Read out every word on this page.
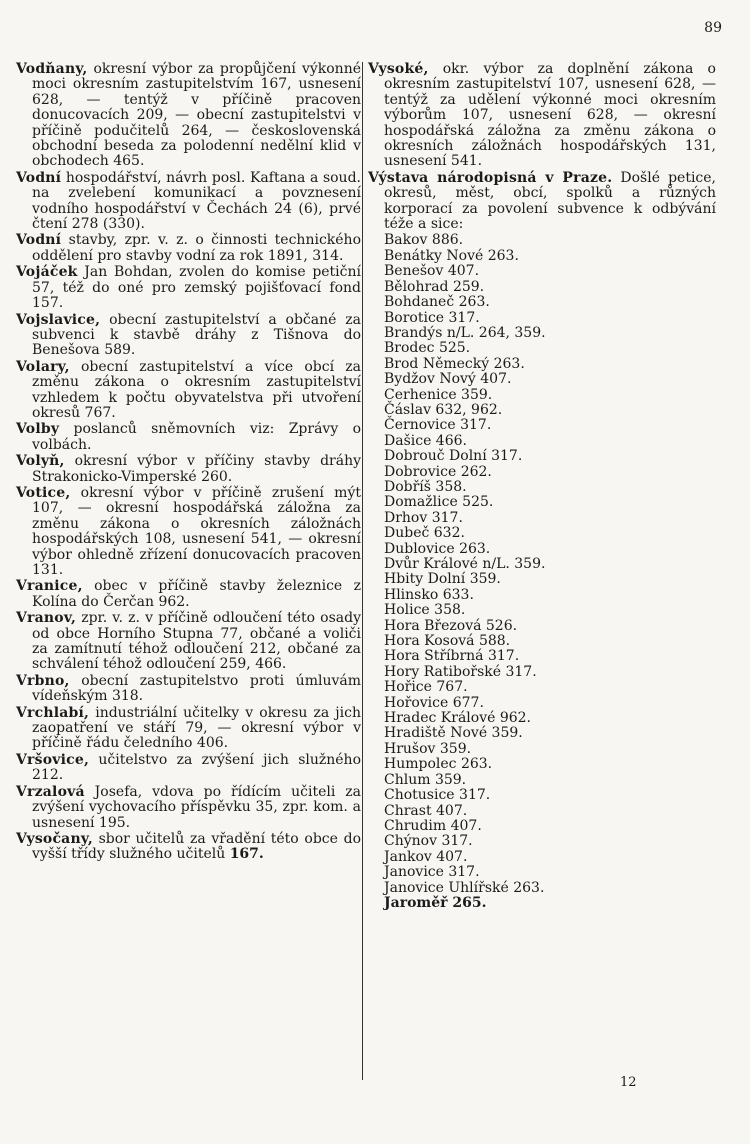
89

Vodňany, okresní výbor za propůjčení výkonné moci okresním zastupitelstvím 167, usnesení 628, — tentýž v příčině pracoven donucovacích 209, — obecní zastupitelstvi v příčině podučitelů 264, — československá obchodní beseda za polodenní nedělní klid v obchodech 465.

Vodní hospodářství, návrh posl. Kaftana a soud. na zvelebení komunikací a povznesení vodního hospodářství v Čechách 24 (6), prvé čtení 278 (330).

Vodní stavby, zpr. v. z. o činnosti technického oddělení pro stavby vodní za rok 1891, 314.

Vojáček Jan Bohdan, zvolen do komise petiční 57, též do oné pro zemský pojišťovací fond 157.

Vojslavice, obecní zastupitelství a občané za subvenci k stavbě dráhy z Tišnova do Benešova 589.

Volary, obecní zastupitelství a více obcí za změnu zákona o okresním zastupitelství vzhledem k počtu obyvatelstva při utvoření okresů 767.

Volby poslanců sněmovních viz: Zprávy o volbách.

Volyň, okresní výbor v příčiny stavby dráhy Strakonicko-Vimperské 260.

Votice, okresní výbor v příčině zrušení mýt 107, — okresní hospodářská záložna za změnu zákona o okresních záložnách hospodářských 108, usnesení 541, — okresní výbor ohledně zřízení donucovacích pracoven 131.

Vranice, obec v příčině stavby železnice z Kolína do Čerčan 962.

Vranov, zpr. v. z. v příčině odloučení této osady od obce Horního Stupna 77, občané a voliči za zamítnutí téhož odloučení 212, občané za schválení téhož odloučení 259, 466.

Vrbno, obecní zastupitelstvo proti úmluvám vídeňským 318.

Vrchlabí, industriální učitelky v okresu za jich zaopatření ve stáří 79, — okresní výbor v příčině řádu čeledního 406.

Vršovice, učitelstvo za zvýšení jich služného 212.

Vrzalová Josefa, vdova po řídícím učiteli za zvýšení vychovacího příspěvku 35, zpr. kom. a usnesení 195.

Vysočany, sbor učitelů za vřadění této obce do vyšší třídy služného učitelů 167.

Vysoké, okr. výbor za doplnění zákona o okresním zastupitelství 107, usnesení 628, — tentýž za udělení výkonné moci okresním výborům 107, usnesení 628, — okresní hospodářská záložna za změnu zákona o okresních záložnách hospodářských 131, usnesení 541.

Výstava národopisná v Praze. Došlé petice, okresů, měst, obcí, spolků a různých korporací za povolení subvence k odbývání téže a sice:

Bakov 886.
Benátky Nové 263.
Benešov 407.
Bělohrad 259.
Bohdaneč 263.
Borotice 317.
Brandýs n/L. 264, 359.
Brodec 525.
Brod Německý 263.
Bydžov Nový 407.
Cerhenice 359.
Čáslav 632, 962.
Černovice 317.
Dašice 466.
Dobrouč Dolní 317.
Dobrovice 262.
Dobříš 358.
Domažlice 525.
Drhov 317.
Dubeč 632.
Dublovice 263.
Dvůr Králové n/L. 359.
Hbity Dolní 359.
Hlinsko 633.
Holice 358.
Hora Březová 526.
Hora Kosová 588.
Hora Stříbrná 317.
Hory Ratibořské 317.
Hořice 767.
Hořovice 677.
Hradec Králové 962.
Hradiště Nové 359.
Hrušov 359.
Humpolec 263.
Chlum 359.
Chotusice 317.
Chrast 407.
Chrudim 407.
Chýnov 317.
Jankov 407.
Janovice 317.
Janovice Uhlířské 263.
Jaroměř 265.
12
